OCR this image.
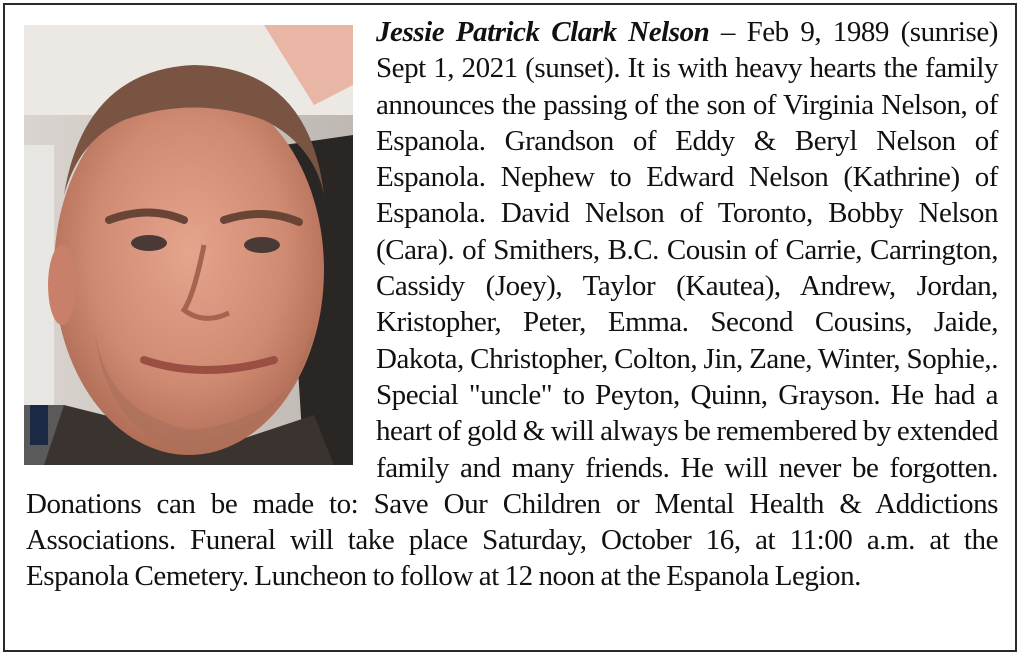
Jessie Patrick Clark Nelson – Feb 9, 1989 (sunrise) Sept 1, 2021 (sunset). It is with heavy hearts the family announces the passing of the son of Virginia Nelson, of Espanola. Grandson of Eddy & Beryl Nelson of Espanola. Nephew to Edward Nelson (Kathrine) of Espanola. David Nelson of Toronto, Bobby Nelson (Cara). of Smithers, B.C. Cousin of Carrie, Carrington, Cassidy (Joey), Taylor (Kautea), Andrew, Jordan, Kristopher, Peter, Emma. Second Cousins, Jaide, Dakota, Christopher, Colton, Jin, Zane, Winter, Sophie,. Special "uncle" to Peyton, Quinn, Grayson. He had a heart of gold & will always be remembered by extended family and many friends. He will never be forgotten. Donations can be made to: Save Our Children or Mental Health & Addictions Associations. Funeral will take place Saturday, October 16, at 11:00 a.m. at the Espanola Cemetery. Luncheon to follow at 12 noon at the Espanola Legion.
